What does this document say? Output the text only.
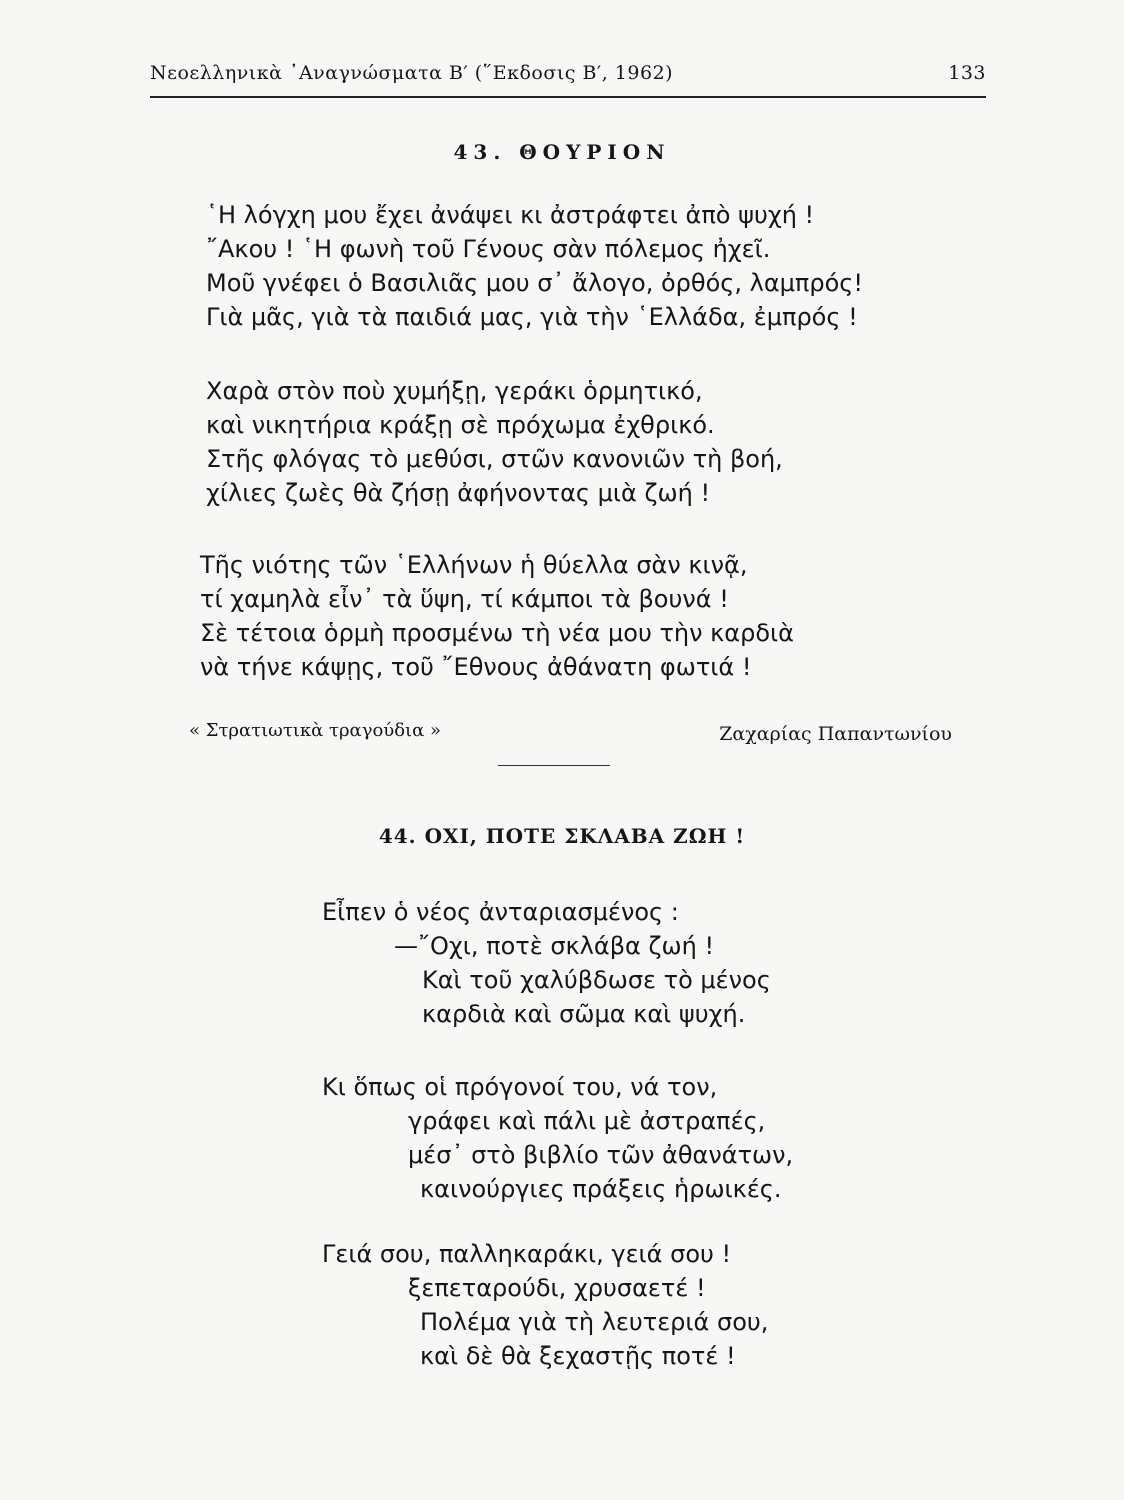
Νεοελληνικὰ ᾿Αναγνώσματα Β′ (῞Εκδοσις Β′, 1962)	133
43. ΘΟΥΡΙΟΝ
῾Η λόγχη μου ἔχει ἀνάψει κι ἀστράφτει ἀπὸ ψυχή !
῎Ακου ! ῾Η φωνὴ τοῦ Γένους σὰν πόλεμος ἠχεῖ.
Μοῦ γνέφει ὁ Βασιλιᾶς μου σ᾽ ἄλογο, ὀρθός, λαμπρός!
Γιὰ μᾶς, γιὰ τὰ παιδιά μας, γιὰ τὴν ῾Ελλάδα, ἐμπρός !
Χαρὰ στὸν ποὺ χυμήξῃ, γεράκι ὁρμητικό,
καὶ νικητήρια κράξῃ σὲ πρόχωμα ἐχθρικό.
Στῆς φλόγας τὸ μεθύσι, στῶν κανονιῶν τὴ βοή,
χίλιες ζωὲς θὰ ζήσῃ ἀφήνοντας μιὰ ζωή !
Τῆς νιότης τῶν ῾Ελλήνων ἡ θύελλα σὰν κινᾷ,
τί χαμηλὰ εἶν᾽ τὰ ὕψη, τί κάμποι τὰ βουνά !
Σὲ τέτοια ὁρμὴ προσμένω τὴ νέα μου τὴν καρδιὰ
νὰ τήνε κάψῃς, τοῦ ῎Εθνους ἀθάνατη φωτιά !
« Στρατιωτικὰ τραγούδια »	Ζαχαρίας Παπαντωνίου
44. ΟΧΙ, ΠΟΤΕ ΣΚΛΑΒΑ ΖΩΗ !
Εἶπεν ὁ νέος ἀνταριασμένος :
—῎Οχι, ποτὲ σκλάβα ζωή !
Καὶ τοῦ χαλύβδωσε τὸ μένος
καρδιὰ καὶ σῶμα καὶ ψυχή.
Κι ὅπως οἱ πρόγονοί του, νά τον,
γράφει καὶ πάλι μὲ ἀστραπές,
μέσ᾽ στὸ βιβλίο τῶν ἀθανάτων,
καινούργιες πράξεις ἡρωικές.
Γειά σου, παλληκαράκι, γειά σου !
ξεπεταρούδι, χρυσαετέ !
Πολέμα γιὰ τὴ λευτεριά σου,
καὶ δὲ θὰ ξεχαστῇς ποτέ !
